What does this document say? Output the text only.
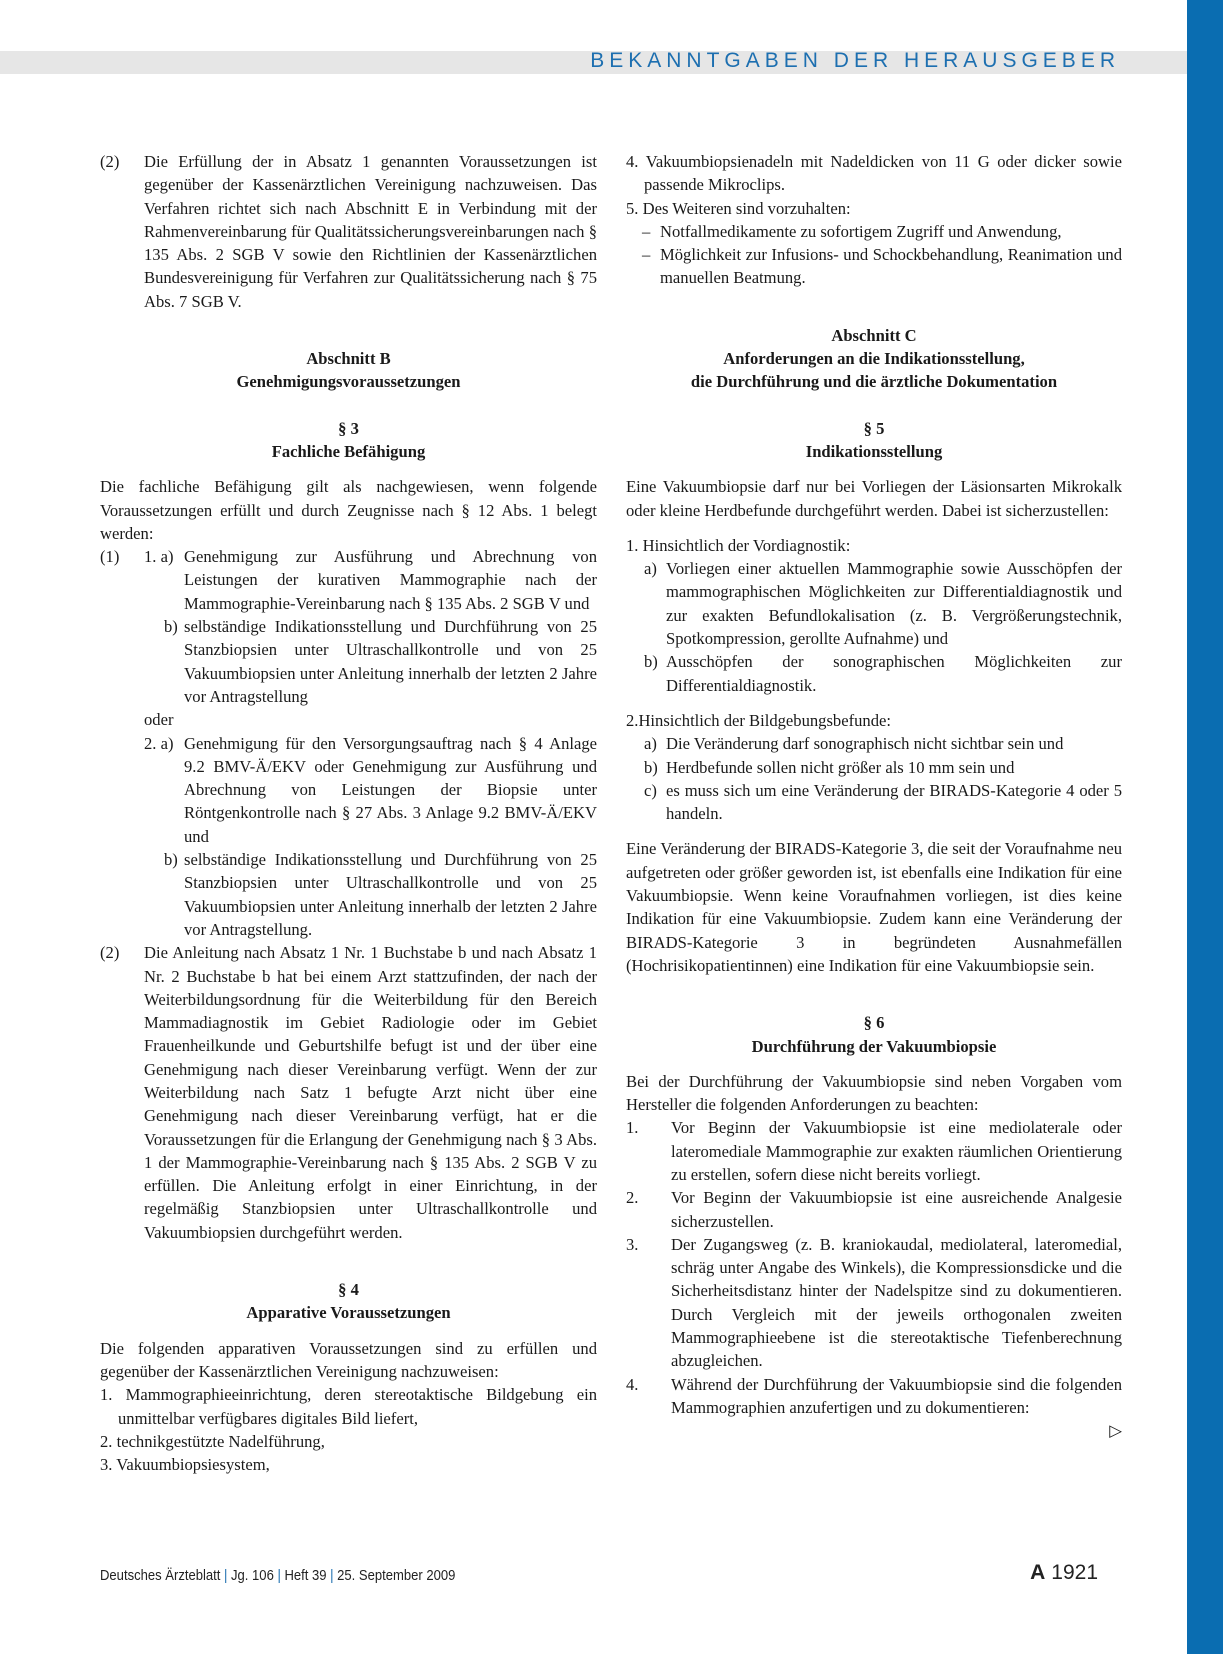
BEKANNTGABEN DER HERAUSGEBER
(2)	Die Erfüllung der in Absatz 1 genannten Voraussetzungen ist gegenüber der Kassenärztlichen Vereinigung nachzuweisen. Das Verfahren richtet sich nach Abschnitt E in Verbindung mit der Rahmenvereinbarung für Qualitätssicherungsvereinbarungen nach § 135 Abs. 2 SGB V sowie den Richtlinien der Kassenärztlichen Bundesvereinigung für Verfahren zur Qualitätssicherung nach § 75 Abs. 7 SGB V.

Abschnitt B

Genehmigungsvoraussetzungen

§ 3

Fachliche Befähigung

Die fachliche Befähigung gilt als nachgewiesen, wenn folgende Voraussetzungen erfüllt und durch Zeugnisse nach § 12 Abs. 1 belegt werden:

(1)	1. a) Genehmigung zur Ausführung und Abrechnung von Leistungen der kurativen Mammographie nach der Mammographie-Vereinbarung nach § 135 Abs. 2 SGB V und
b) selbständige Indikationsstellung und Durchführung von 25 Stanzbiopsien unter Ultraschallkontrolle und von 25 Vakuumbiopsien unter Anleitung innerhalb der letzten 2 Jahre vor Antragstellung
oder
2. a) Genehmigung für den Versorgungsauftrag nach § 4 Anlage 9.2 BMV-Ä/EKV oder Genehmigung zur Ausführung und Abrechnung von Leistungen der Biopsie unter Röntgenkontrolle nach § 27 Abs. 3 Anlage 9.2 BMV-Ä/EKV und
b) selbständige Indikationsstellung und Durchführung von 25 Stanzbiopsien unter Ultraschallkontrolle und von 25 Vakuumbiopsien unter Anleitung innerhalb der letzten 2 Jahre vor Antragstellung.
(2)	Die Anleitung nach Absatz 1 Nr. 1 Buchstabe b und nach Absatz 1 Nr. 2 Buchstabe b hat bei einem Arzt stattzufinden, der nach der Weiterbildungsordnung für die Weiterbildung für den Bereich Mammadiagnostik im Gebiet Radiologie oder im Gebiet Frauenheilkunde und Geburtshilfe befugt ist und der über eine Genehmigung nach dieser Vereinbarung verfügt. Wenn der zur Weiterbildung nach Satz 1 befugte Arzt nicht über eine Genehmigung nach dieser Vereinbarung verfügt, hat er die Voraussetzungen für die Erlangung der Genehmigung nach § 3 Abs. 1 der Mammographie-Vereinbarung nach § 135 Abs. 2 SGB V zu erfüllen. Die Anleitung erfolgt in einer Einrichtung, in der regelmäßig Stanzbiopsien unter Ultraschallkontrolle und Vakuumbiopsien durchgeführt werden.

§ 4

Apparative Voraussetzungen

Die folgenden apparativen Voraussetzungen sind zu erfüllen und gegenüber der Kassenärztlichen Vereinigung nachzuweisen:

1. Mammographieeinrichtung, deren stereotaktische Bildgebung ein unmittelbar verfügbares digitales Bild liefert,

2. technikgestützte Nadelführung,

3. Vakuumbiopsiesystem,

4. Vakuumbiopsienadeln mit Nadeldicken von 11 G oder dicker sowie passende Mikroclips.

5. Des Weiteren sind vorzuhalten:

– Notfallmedikamente zu sofortigem Zugriff und Anwendung,
– Möglichkeit zur Infusions- und Schockbehandlung, Reanimation und manuellen Beatmung.

Abschnitt C

Anforderungen an die Indikationsstellung,

die Durchführung und die ärztliche Dokumentation

§ 5

Indikationsstellung

Eine Vakuumbiopsie darf nur bei Vorliegen der Läsionsarten Mikrokalk oder kleine Herdbefunde durchgeführt werden. Dabei ist sicherzustellen:

1. Hinsichtlich der Vordiagnostik:

a) Vorliegen einer aktuellen Mammographie sowie Ausschöpfen der mammographischen Möglichkeiten zur Differentialdiagnostik und zur exakten Befundlokalisation (z. B. Vergrößerungstechnik, Spotkompression, gerollte Aufnahme) und
b) Ausschöpfen der sonographischen Möglichkeiten zur Differentialdiagnostik.

2.Hinsichtlich der Bildgebungsbefunde:

a) Die Veränderung darf sonographisch nicht sichtbar sein und
b) Herdbefunde sollen nicht größer als 10 mm sein und
c) es muss sich um eine Veränderung der BIRADS-Kategorie 4 oder 5 handeln.

Eine Veränderung der BIRADS-Kategorie 3, die seit der Voraufnahme neu aufgetreten oder größer geworden ist, ist ebenfalls eine Indikation für eine Vakuumbiopsie. Wenn keine Voraufnahmen vorliegen, ist dies keine Indikation für eine Vakuumbiopsie. Zudem kann eine Veränderung der BIRADS-Kategorie 3 in begründeten Ausnahmefällen (Hochrisikopatientinnen) eine Indikation für eine Vakuumbiopsie sein.

§ 6

Durchführung der Vakuumbiopsie

Bei der Durchführung der Vakuumbiopsie sind neben Vorgaben vom Hersteller die folgenden Anforderungen zu beachten:

1.	Vor Beginn der Vakuumbiopsie ist eine mediolaterale oder lateromediale Mammographie zur exakten räumlichen Orientierung zu erstellen, sofern diese nicht bereits vorliegt.
2.	Vor Beginn der Vakuumbiopsie ist eine ausreichende Analgesie sicherzustellen.
3.	Der Zugangsweg (z. B. kraniokaudal, mediolateral, lateromedial, schräg unter Angabe des Winkels), die Kompressionsdicke und die Sicherheitsdistanz hinter der Nadelspitze sind zu dokumentieren. Durch Vergleich mit der jeweils orthogonalen zweiten Mammographieebene ist die stereotaktische Tiefenberechnung abzugleichen.
4.	Während der Durchführung der Vakuumbiopsie sind die folgenden Mammographien anzufertigen und zu dokumentieren:
▷
Deutsches Ärzteblatt | Jg. 106 | Heft 39 | 25. September 2009	A 1921
